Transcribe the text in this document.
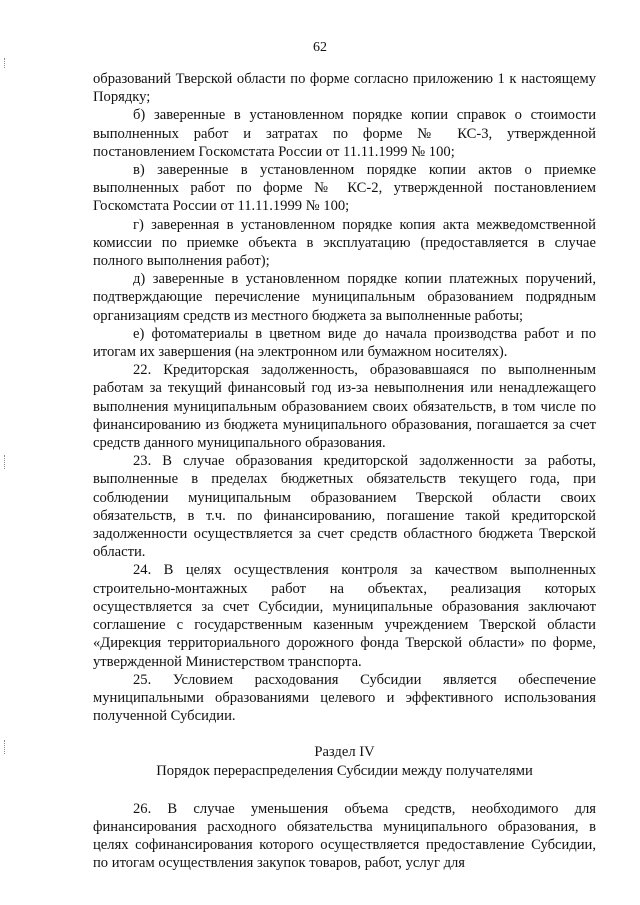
62

образований Тверской области по форме согласно приложению 1 к настоящему Порядку;

б) заверенные в установленном порядке копии справок о стоимости выполненных работ и затратах по форме № КС-3, утвержденной постановлением Госкомстата России от 11.11.1999 № 100;

в) заверенные в установленном порядке копии актов о приемке выполненных работ по форме № КС-2, утвержденной постановлением Госкомстата России от 11.11.1999 № 100;

г) заверенная в установленном порядке копия акта межведомственной комиссии по приемке объекта в эксплуатацию (предоставляется в случае полного выполнения работ);

д) заверенные в установленном порядке копии платежных поручений, подтверждающие перечисление муниципальным образованием подрядным организациям средств из местного бюджета за выполненные работы;

е) фотоматериалы в цветном виде до начала производства работ и по итогам их завершения (на электронном или бумажном носителях).

22. Кредиторская задолженность, образовавшаяся по выполненным работам за текущий финансовый год из-за невыполнения или ненадлежащего выполнения муниципальным образованием своих обязательств, в том числе по финансированию из бюджета муниципального образования, погашается за счет средств данного муниципального образования.

23. В случае образования кредиторской задолженности за работы, выполненные в пределах бюджетных обязательств текущего года, при соблюдении муниципальным образованием Тверской области своих обязательств, в т.ч. по финансированию, погашение такой кредиторской задолженности осуществляется за счет средств областного бюджета Тверской области.

24. В целях осуществления контроля за качеством выполненных строительно-монтажных работ на объектах, реализация которых осуществляется за счет Субсидии, муниципальные образования заключают соглашение с государственным казенным учреждением Тверской области «Дирекция территориального дорожного фонда Тверской области» по форме, утвержденной Министерством транспорта.

25. Условием расходования Субсидии является обеспечение муниципальными образованиями целевого и эффективного использования полученной Субсидии.

Раздел IV
Порядок перераспределения Субсидии между получателями

26. В случае уменьшения объема средств, необходимого для финансирования расходного обязательства муниципального образования, в целях софинансирования которого осуществляется предоставление Субсидии, по итогам осуществления закупок товаров, работ, услуг для
